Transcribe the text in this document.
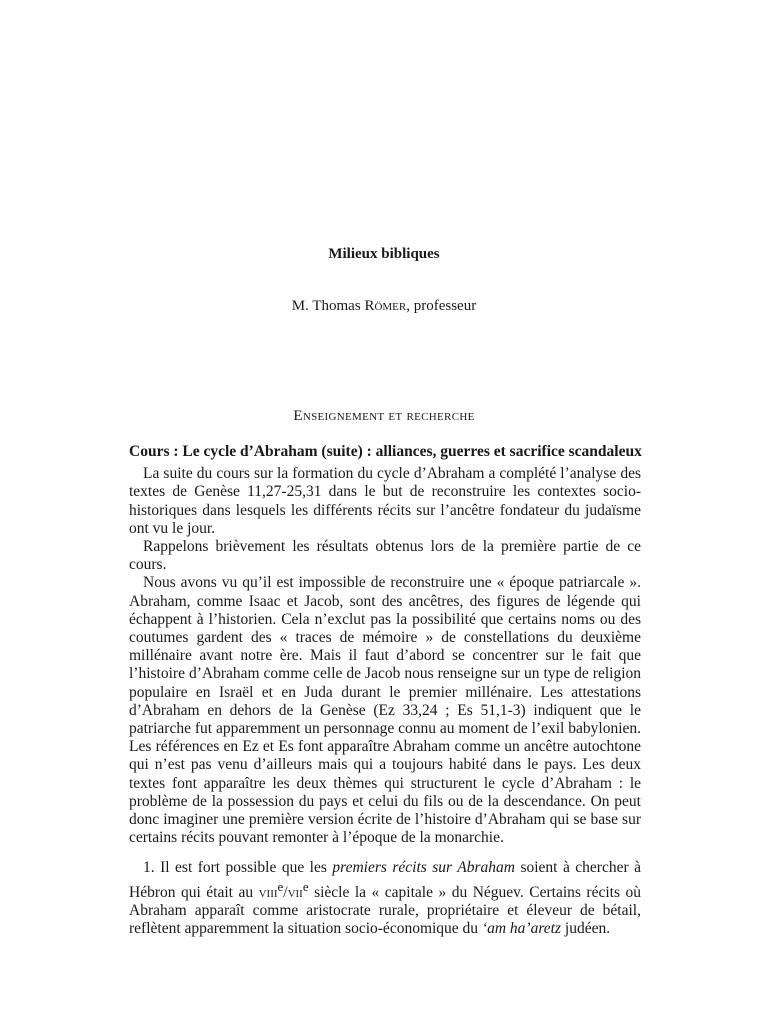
Milieux bibliques

M. Thomas Römer, professeur

Enseignement et recherche

Cours : Le cycle d’Abraham (suite) : alliances, guerres et sacrifice scandaleux

La suite du cours sur la formation du cycle d’Abraham a complété l’analyse des textes de Genèse 11,27-25,31 dans le but de reconstruire les contextes socio-historiques dans lesquels les différents récits sur l’ancêtre fondateur du judaïsme ont vu le jour.

Rappelons brièvement les résultats obtenus lors de la première partie de ce cours.

Nous avons vu qu’il est impossible de reconstruire une « époque patriarcale ». Abraham, comme Isaac et Jacob, sont des ancêtres, des figures de légende qui échappent à l’historien. Cela n’exclut pas la possibilité que certains noms ou des coutumes gardent des « traces de mémoire » de constellations du deuxième millénaire avant notre ère. Mais il faut d’abord se concentrer sur le fait que l’histoire d’Abraham comme celle de Jacob nous renseigne sur un type de religion populaire en Israël et en Juda durant le premier millénaire. Les attestations d’Abraham en dehors de la Genèse (Ez 33,24 ; Es 51,1-3) indiquent que le patriarche fut apparemment un personnage connu au moment de l’exil babylonien. Les références en Ez et Es font apparaître Abraham comme un ancêtre autochtone qui n’est pas venu d’ailleurs mais qui a toujours habité dans le pays. Les deux textes font apparaître les deux thèmes qui structurent le cycle d’Abraham : le problème de la possession du pays et celui du fils ou de la descendance. On peut donc imaginer une première version écrite de l’histoire d’Abraham qui se base sur certains récits pouvant remonter à l’époque de la monarchie.

1. Il est fort possible que les premiers récits sur Abraham soient à chercher à Hébron qui était au viii$^e$/vii$^e$ siècle la « capitale » du Néguev. Certains récits où Abraham apparaît comme aristocrate rurale, propriétaire et éleveur de bétail, reflètent apparemment la situation socio-économique du ‘am ha’aretz judéen.
